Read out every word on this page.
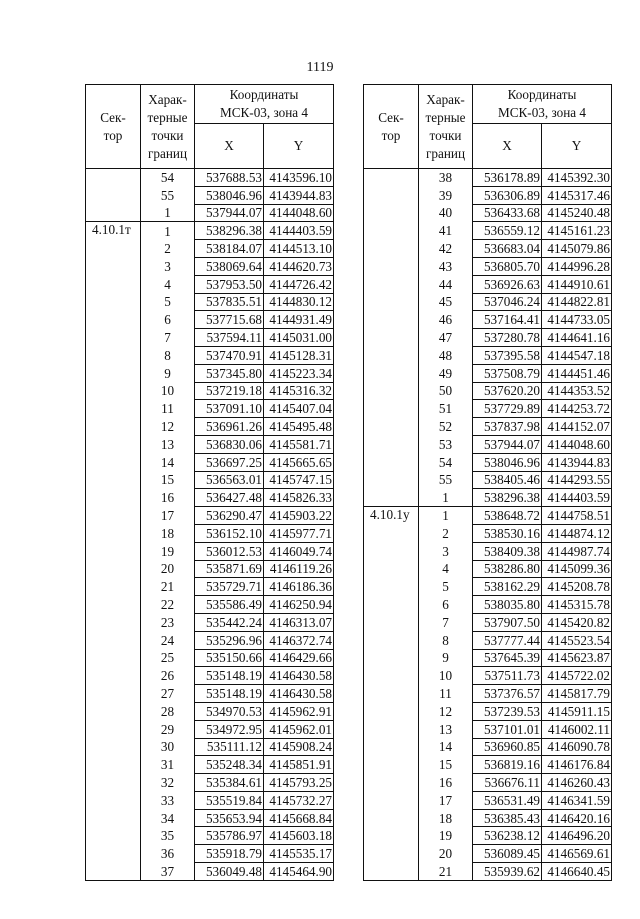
1119
Сек-
тор	Харак-
терные
точки
границ	Координаты
МСК-03, зона 4	
		X	Y
	54	537688.53	4143596.10
	55	538046.96	4143944.83
	1	537944.07	4144048.60
4.10.1т	1	538296.38	4144403.59
	2	538184.07	4144513.10
	3	538069.64	4144620.73
	4	537953.50	4144726.42
	5	537835.51	4144830.12
	6	537715.68	4144931.49
	7	537594.11	4145031.00
	8	537470.91	4145128.31
	9	537345.80	4145223.34
	10	537219.18	4145316.32
	11	537091.10	4145407.04
	12	536961.26	4145495.48
	13	536830.06	4145581.71
	14	536697.25	4145665.65
	15	536563.01	4145747.15
	16	536427.48	4145826.33
	17	536290.47	4145903.22
	18	536152.10	4145977.71
	19	536012.53	4146049.74
	20	535871.69	4146119.26
	21	535729.71	4146186.36
	22	535586.49	4146250.94
	23	535442.24	4146313.07
	24	535296.96	4146372.74
	25	535150.66	4146429.66
	26	535148.19	4146430.58
	27	535148.19	4146430.58
	28	534970.53	4145962.91
	29	534972.95	4145962.01
	30	535111.12	4145908.24
	31	535248.34	4145851.91
	32	535384.61	4145793.25
	33	535519.84	4145732.27
	34	535653.94	4145668.84
	35	535786.97	4145603.18
	36	535918.79	4145535.17
	37	536049.48	4145464.90
Сек-
тор	Харак-
терные
точки
границ	Координаты
МСК-03, зона 4	
		X	Y
	38	536178.89	4145392.30
	39	536306.89	4145317.46
	40	536433.68	4145240.48
	41	536559.12	4145161.23
	42	536683.04	4145079.86
	43	536805.70	4144996.28
	44	536926.63	4144910.61
	45	537046.24	4144822.81
	46	537164.41	4144733.05
	47	537280.78	4144641.16
	48	537395.58	4144547.18
	49	537508.79	4144451.46
	50	537620.20	4144353.52
	51	537729.89	4144253.72
	52	537837.98	4144152.07
	53	537944.07	4144048.60
	54	538046.96	4143944.83
	55	538405.46	4144293.55
	1	538296.38	4144403.59
4.10.1у	1	538648.72	4144758.51
	2	538530.16	4144874.12
	3	538409.38	4144987.74
	4	538286.80	4145099.36
	5	538162.29	4145208.78
	6	538035.80	4145315.78
	7	537907.50	4145420.82
	8	537777.44	4145523.54
	9	537645.39	4145623.87
	10	537511.73	4145722.02
	11	537376.57	4145817.79
	12	537239.53	4145911.15
	13	537101.01	4146002.11
	14	536960.85	4146090.78
	15	536819.16	4146176.84
	16	536676.11	4146260.43
	17	536531.49	4146341.59
	18	536385.43	4146420.16
	19	536238.12	4146496.20
	20	536089.45	4146569.61
	21	535939.62	4146640.45
